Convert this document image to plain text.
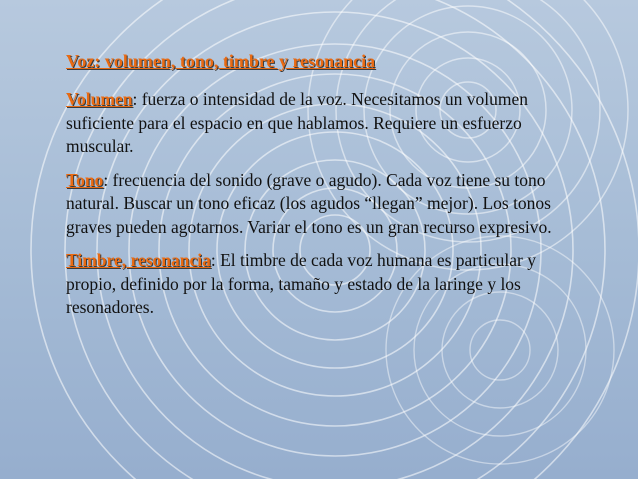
Voz: volumen, tono, timbre y resonancia

Volumen: fuerza o intensidad de la voz. Necesitamos un volumen suficiente para el espacio en que hablamos. Requiere un esfuerzo muscular.

Tono: frecuencia del sonido (grave o agudo). Cada voz tiene su tono natural. Buscar un tono eficaz (los agudos “llegan” mejor). Los tonos graves pueden agotarnos. Variar el tono es un gran recurso expresivo.

Timbre, resonancia: El timbre de cada voz humana es particular y propio, definido por la forma, tamaño y estado de la laringe y los resonadores.
